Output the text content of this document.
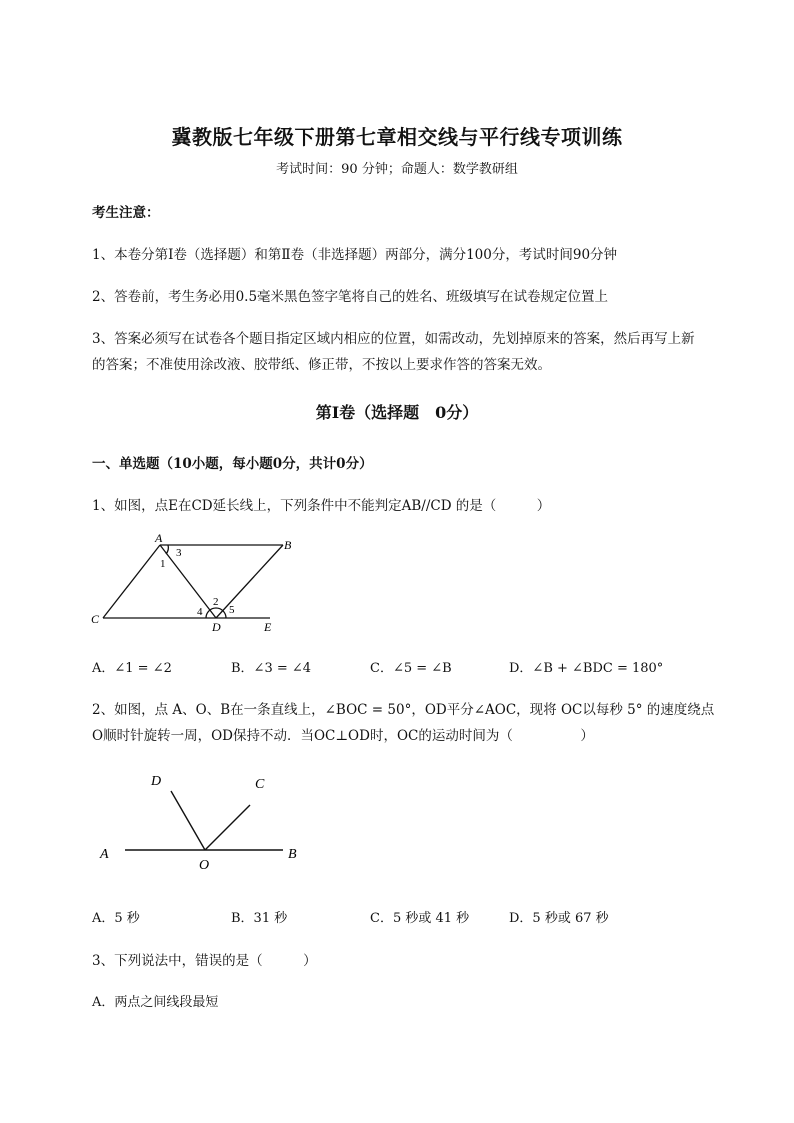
冀教版七年级下册第七章相交线与平行线专项训练
考试时间：90 分钟；命题人：数学教研组
考生注意：
1、本卷分第Ⅰ卷（选择题）和第Ⅱ卷（非选择题）两部分，满分100分，考试时间90分钟
2、答卷前，考生务必用0.5毫米黑色签字笔将自己的姓名、班级填写在试卷规定位置上
3、答案必须写在试卷各个题目指定区域内相应的位置，如需改动，先划掉原来的答案，然后再写上新
的答案；不准使用涂改液、胶带纸、修正带，不按以上要求作答的答案无效。
第Ⅰ卷（选择题　0分）
一、单选题（10小题，每小题0分，共计0分）
1、如图，点E在CD延长线上，下列条件中不能判定AB//CD 的是（　　　）
A	B
C
D	E
1
2
3
4 5
A．∠1 = ∠2	B．∠3 = ∠4	C．∠5 = ∠B	D．∠B + ∠BDC = 180°
2、如图，点 A、O、B在一条直线上，∠BOC = 50°，OD平分∠AOC，现将 OC以每秒 5° 的速度绕点
O顺时针旋转一周，OD保持不动．当OC⊥OD时，OC的运动时间为（　　　　　）
A	B
C
D
O
A．5 秒	B．31 秒	C．5 秒或 41 秒	D．5 秒或 67 秒
3、下列说法中，错误的是（　　　）
A．两点之间线段最短
